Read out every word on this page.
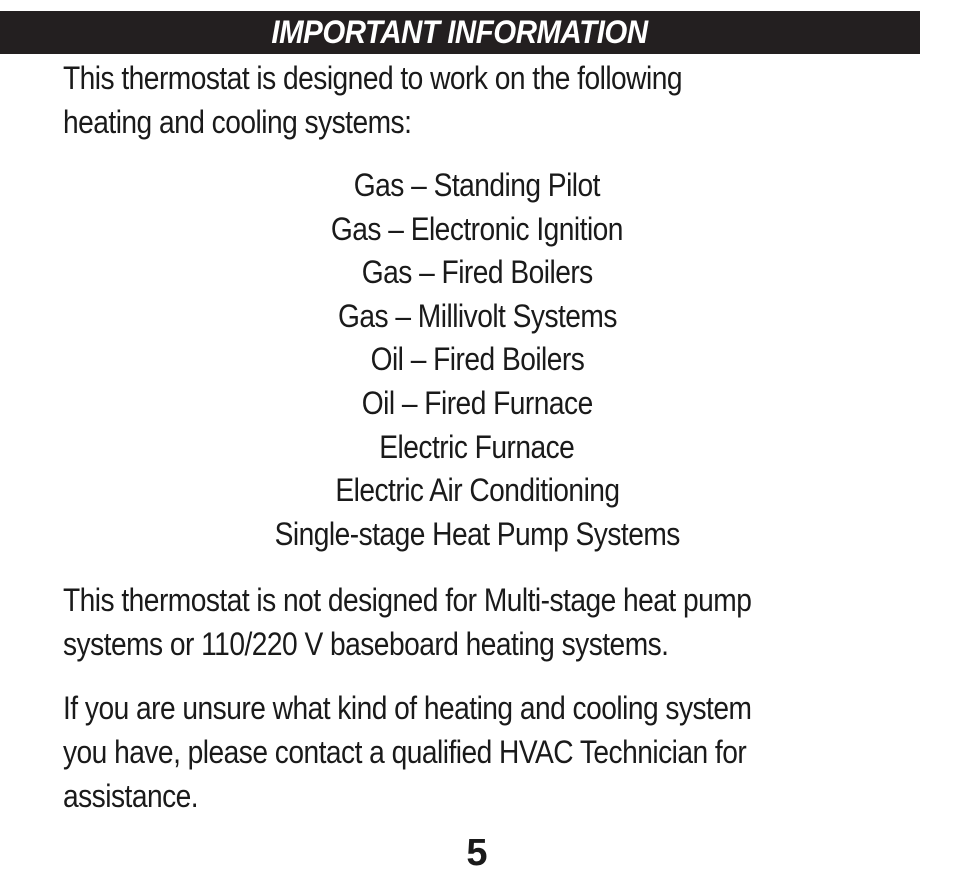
IMPORTANT INFORMATION

This thermostat is designed to work on the following
heating and cooling systems:

Gas – Standing Pilot
Gas – Electronic Ignition
Gas – Fired Boilers
Gas – Millivolt Systems
Oil – Fired Boilers
Oil – Fired Furnace
Electric Furnace
Electric Air Conditioning
Single-stage Heat Pump Systems

This thermostat is not designed for Multi-stage heat pump
systems or 110/220 V baseboard heating systems.

If you are unsure what kind of heating and cooling system
you have, please contact a qualified HVAC Technician for
assistance.

5
